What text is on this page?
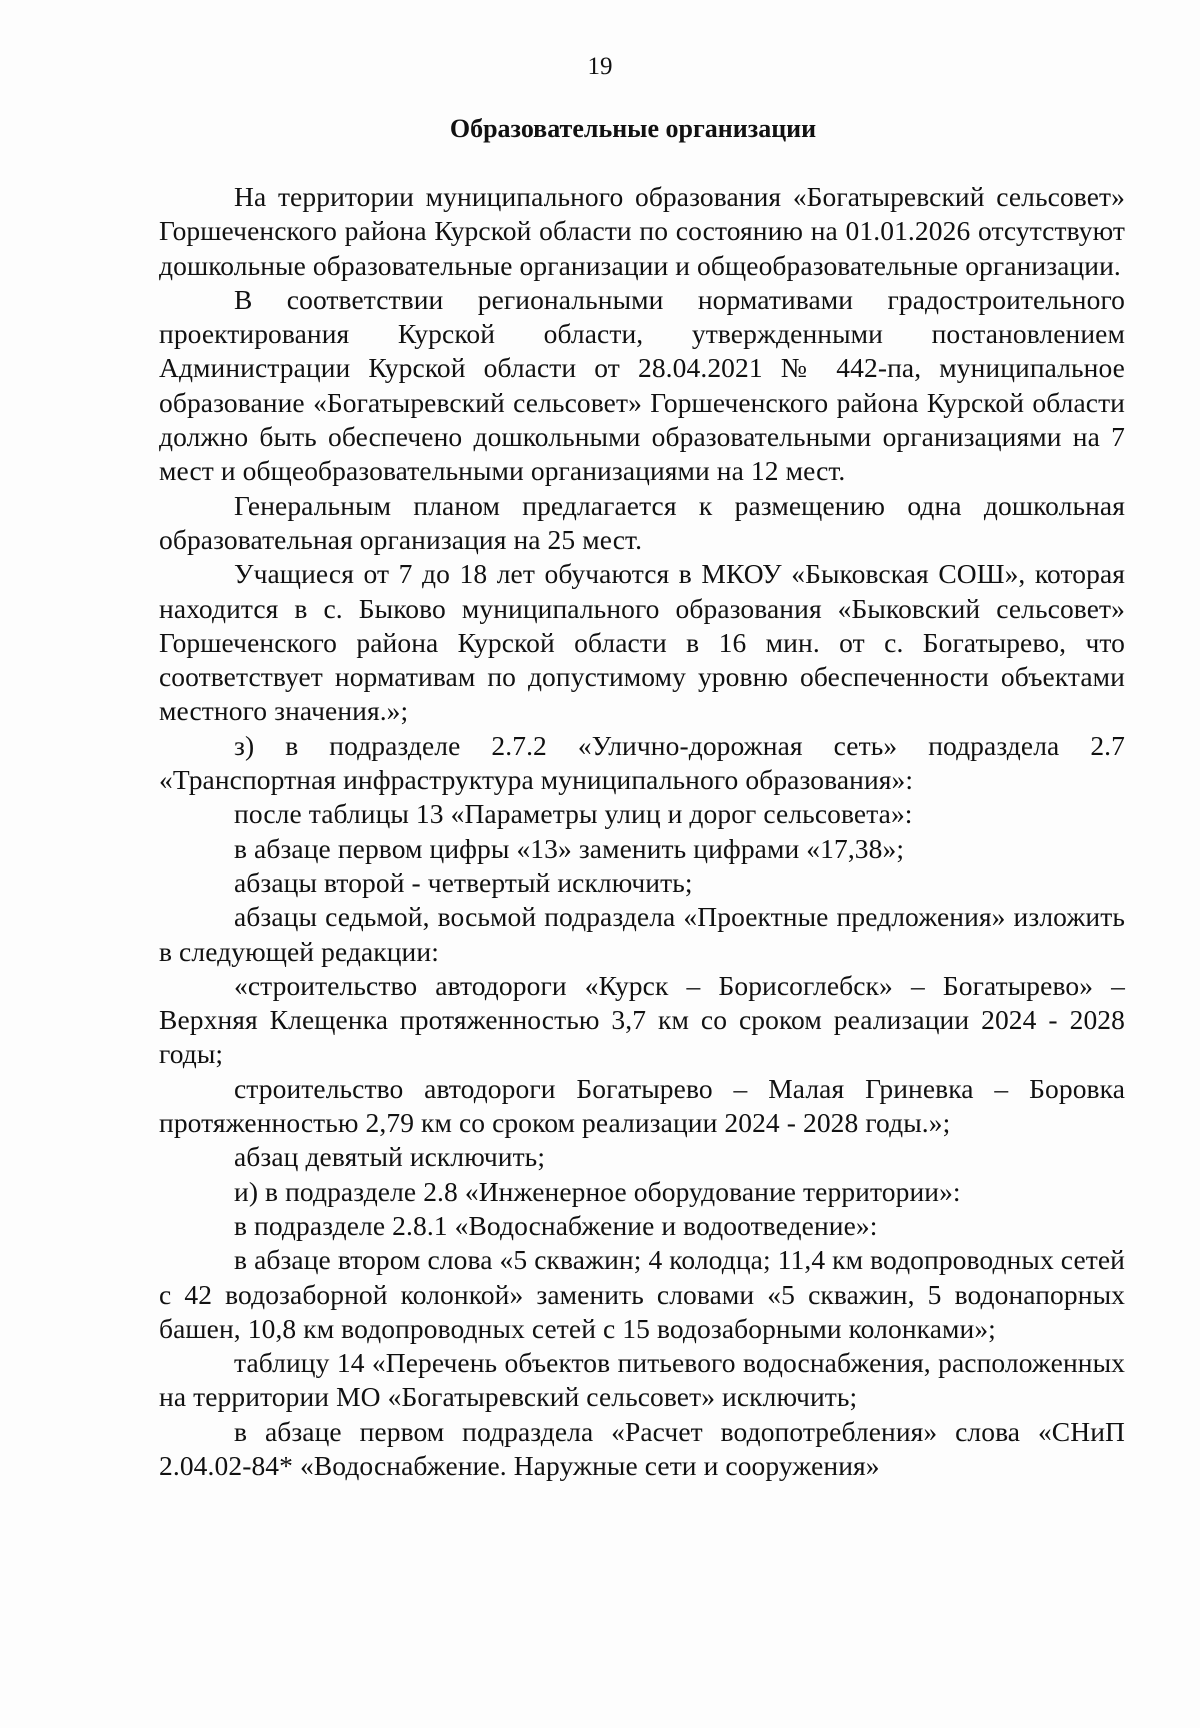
19
Образовательные организации

На территории муниципального образования «Богатыревский сельсовет» Горшеченского района Курской области по состоянию на 01.01.2026 отсутствуют дошкольные образовательные организации и общеобразовательные организации.

В соответствии региональными нормативами градостроительного проектирования Курской области, утвержденными постановлением Администрации Курской области от 28.04.2021 № 442-па, муниципальное образование «Богатыревский сельсовет» Горшеченского района Курской области должно быть обеспечено дошкольными образовательными организациями на 7 мест и общеобразовательными организациями на 12 мест.

Генеральным планом предлагается к размещению одна дошкольная образовательная организация на 25 мест.

Учащиеся от 7 до 18 лет обучаются в МКОУ «Быковская СОШ», которая находится в с. Быково муниципального образования «Быковский сельсовет» Горшеченского района Курской области в 16 мин. от с. Богатырево, что соответствует нормативам по допустимому уровню обеспеченности объектами местного значения.»;

з) в подразделе 2.7.2 «Улично-дорожная сеть» подраздела 2.7 «Транспортная инфраструктура муниципального образования»:

после таблицы 13 «Параметры улиц и дорог сельсовета»:

в абзаце первом цифры «13» заменить цифрами «17,38»;

абзацы второй - четвертый исключить;

абзацы седьмой, восьмой подраздела «Проектные предложения» изложить в следующей редакции:

«строительство автодороги «Курск – Борисоглебск» – Богатырево» – Верхняя Клещенка протяженностью 3,7 км со сроком реализации 2024 - 2028 годы;

строительство автодороги Богатырево – Малая Гриневка – Боровка протяженностью 2,79 км со сроком реализации 2024 - 2028 годы.»;

абзац девятый исключить;

и) в подразделе 2.8 «Инженерное оборудование территории»:

в подразделе 2.8.1 «Водоснабжение и водоотведение»:

в абзаце втором слова «5 скважин; 4 колодца; 11,4 км водопроводных сетей с 42 водозаборной колонкой» заменить словами «5 скважин, 5 водонапорных башен, 10,8 км водопроводных сетей с 15 водозаборными колонками»;

таблицу 14 «Перечень объектов питьевого водоснабжения, расположенных на территории МО «Богатыревский сельсовет» исключить;

в абзаце первом подраздела «Расчет водопотребления» слова «СНиП 2.04.02-84* «Водоснабжение. Наружные сети и сооружения»
